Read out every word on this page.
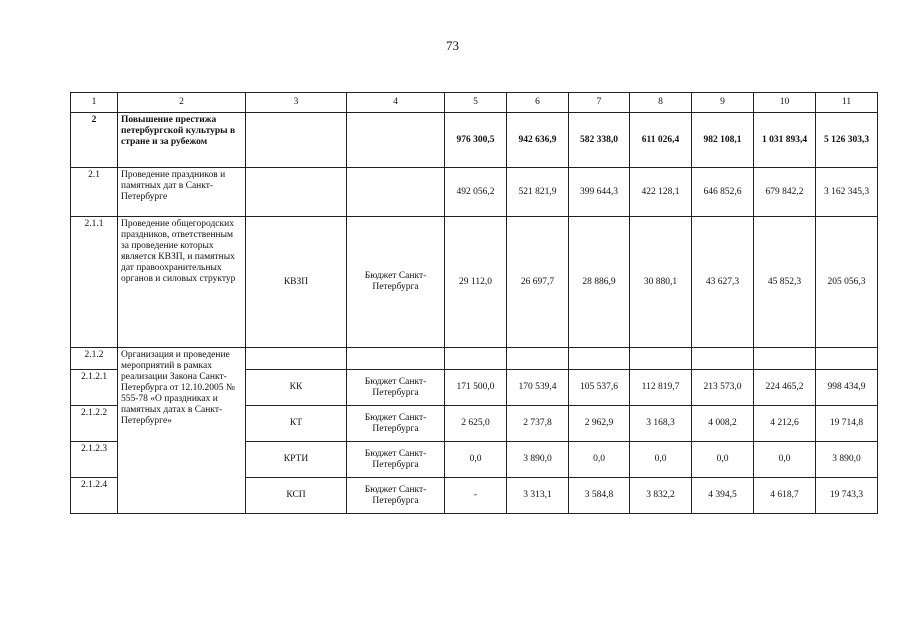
73
1	2	3	4	5	6	7	8	9	10	11
2	Повышение престижа петербургской культуры в стране и за рубежом			976 300,5	942 636,9	582 338,0	611 026,4	982 108,1	1 031 893,4	5 126 303,3
2.1	Проведение праздников и памятных дат в Санкт-Петербурге			492 056,2	521 821,9	399 644,3	422 128,1	646 852,6	679 842,2	3 162 345,3
2.1.1	Проведение общегородских праздников, ответственным за проведение которых является КВЗП, и памятных дат правоохранительных органов и силовых структур	КВЗП	Бюджет Санкт-Петербурга	29 112,0	26 697,7	28 886,9	30 880,1	43 627,3	45 852,3	205 056,3
2.1.2	Организация и проведение мероприятий в рамках реализации Закона Санкт-Петербурга от 12.10.2005 № 555-78 «О праздниках и памятных датах в Санкт-Петербурге»									
2.1.2.1		КК	Бюджет Санкт-Петербурга	171 500,0	170 539,4	105 537,6	112 819,7	213 573,0	224 465,2	998 434,9
2.1.2.2		КТ	Бюджет Санкт-Петербурга	2 625,0	2 737,8	2 962,9	3 168,3	4 008,2	4 212,6	19 714,8
2.1.2.3		КРТИ	Бюджет Санкт-Петербурга	0,0	3 890,0	0,0	0,0	0,0	0,0	3 890,0
2.1.2.4		КСП	Бюджет Санкт-Петербурга	-	3 313,1	3 584,8	3 832,2	4 394,5	4 618,7	19 743,3
